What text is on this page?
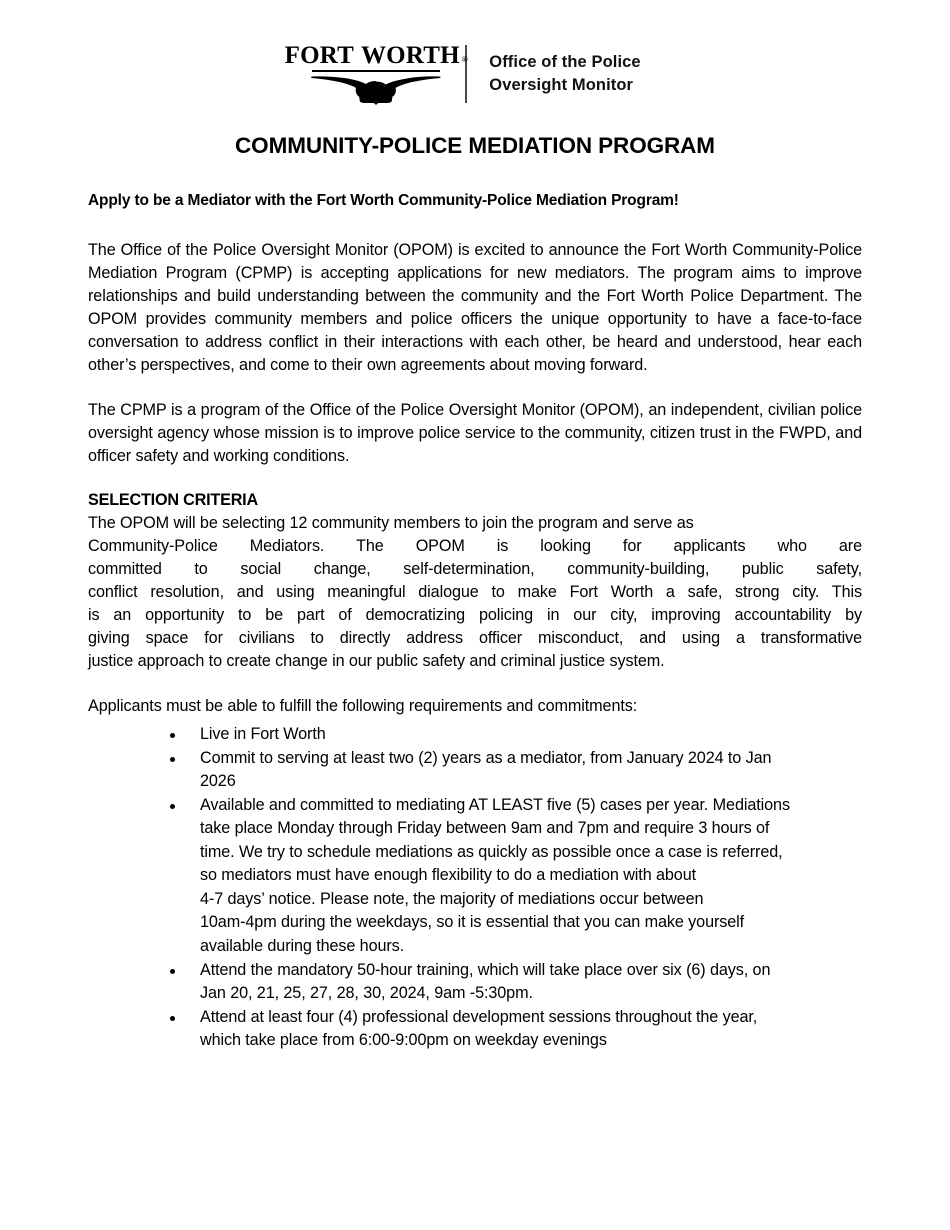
FORT WORTH ® Office of the Police
Oversight Monitor
COMMUNITY-POLICE MEDIATION PROGRAM

Apply to be a Mediator with the Fort Worth Community-Police Mediation Program!

The Office of the Police Oversight Monitor (OPOM) is excited to announce the Fort Worth Community-Police Mediation Program (CPMP) is accepting applications for new mediators. The program aims to improve relationships and build understanding between the community and the Fort Worth Police Department. The OPOM provides community members and police officers the unique opportunity to have a face-to-face conversation to address conflict in their interactions with each other, be heard and understood, hear each other’s perspectives, and come to their own agreements about moving forward.

The CPMP is a program of the Office of the Police Oversight Monitor (OPOM), an independent, civilian police oversight agency whose mission is to improve police service to the community, citizen trust in the FWPD, and officer safety and working conditions.

SELECTION CRITERIA
The OPOM will be selecting 12 community members to join the program and serve as
Community-Police Mediators. The OPOM is looking for applicants who are
committed to social change, self-determination, community-building, public safety,
conflict resolution, and using meaningful dialogue to make Fort Worth a safe, strong city. This
is an opportunity to be part of democratizing policing in our city, improving accountability by
giving space for civilians to directly address officer misconduct, and using a transformative
justice approach to create change in our public safety and criminal justice system.

Applicants must be able to fulfill the following requirements and commitments:

Live in Fort Worth
Commit to serving at least two (2) years as a mediator, from January 2024 to Jan
2026
Available and committed to mediating AT LEAST five (5) cases per year. Mediations
take place Monday through Friday between 9am and 7pm and require 3 hours of
time. We try to schedule mediations as quickly as possible once a case is referred,
so mediators must have enough flexibility to do a mediation with about
4-7 days’ notice. Please note, the majority of mediations occur between
10am-4pm during the weekdays, so it is essential that you can make yourself
available during these hours.
Attend the mandatory 50-hour training, which will take place over six (6) days, on
Jan 20, 21, 25, 27, 28, 30, 2024, 9am -5:30pm.
Attend at least four (4) professional development sessions throughout the year,
which take place from 6:00-9:00pm on weekday evenings
